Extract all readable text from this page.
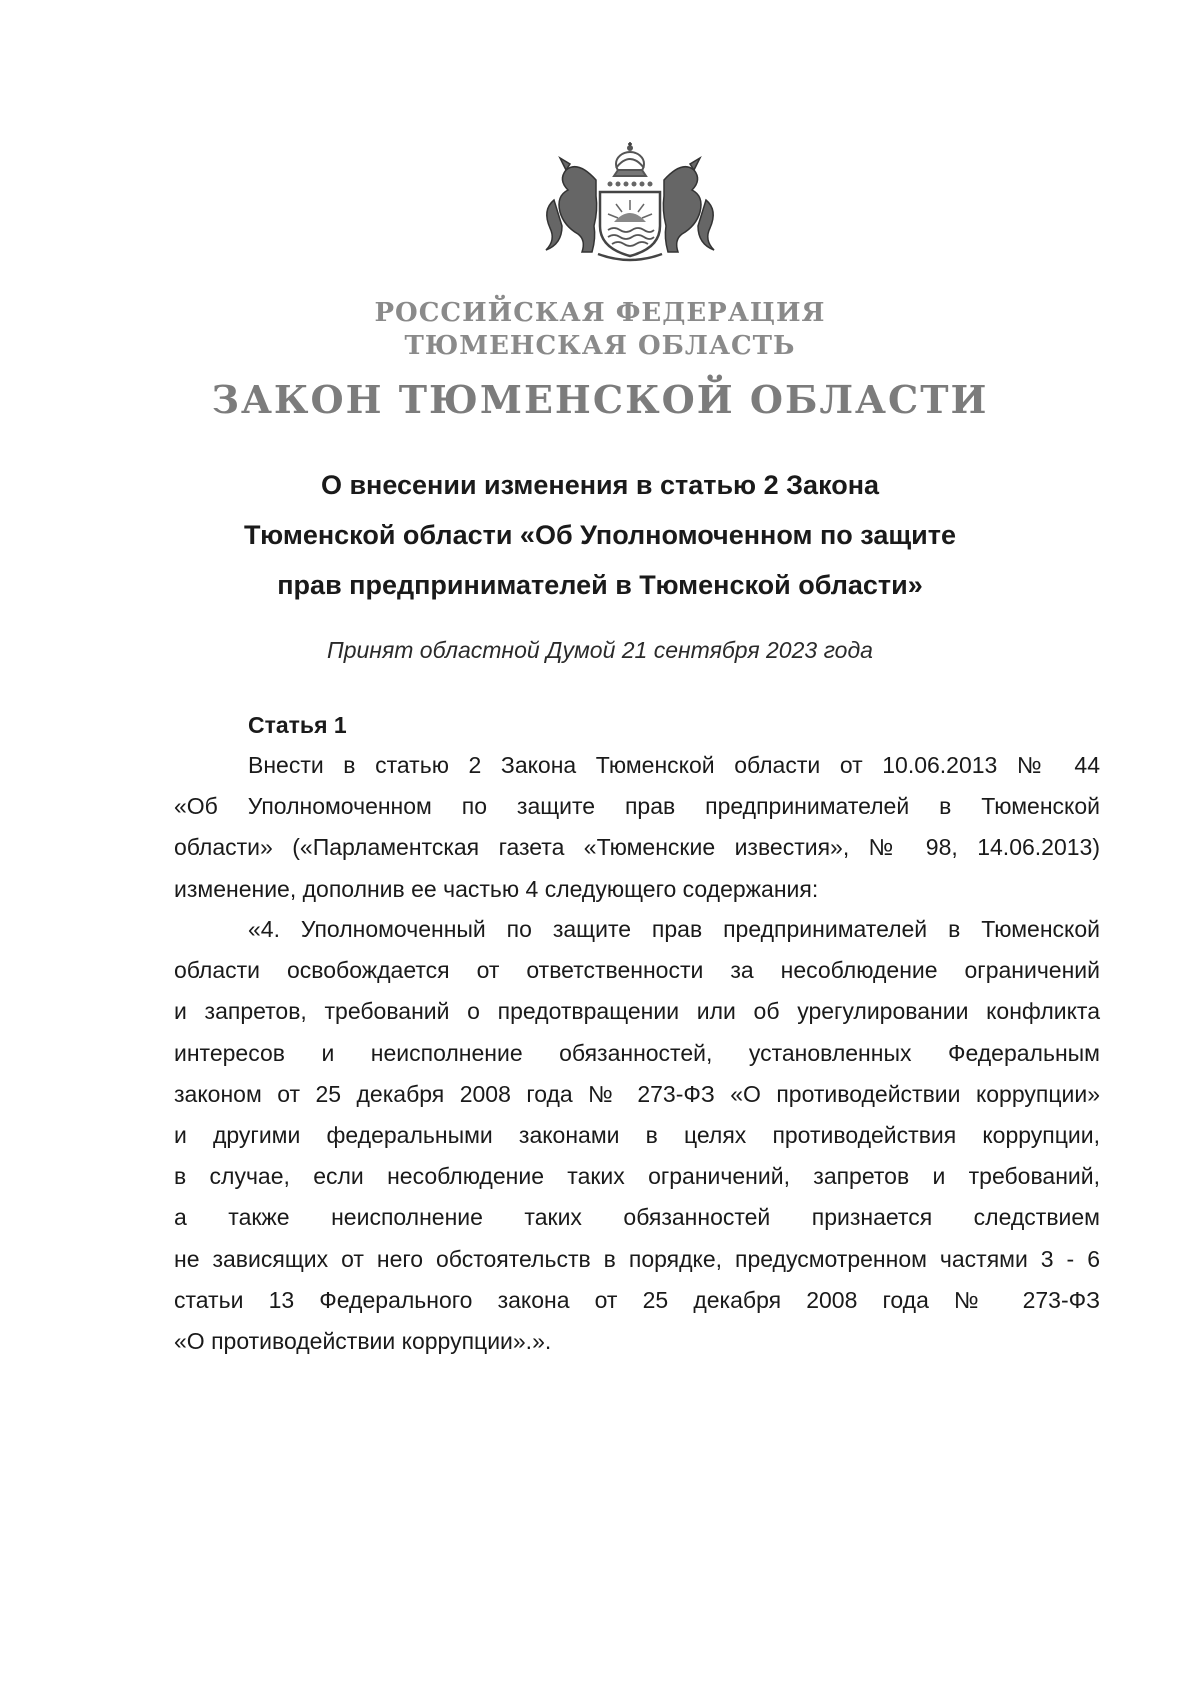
РОССИЙСКАЯ ФЕДЕРАЦИЯ
ТЮМЕНСКАЯ ОБЛАСТЬ
ЗАКОН ТЮМЕНСКОЙ ОБЛАСТИ
О внесении изменения в статью 2 Закона
Тюменской области «Об Уполномоченном по защите
прав предпринимателей в Тюменской области»
Принят областной Думой 21 сентября 2023 года
Статья 1

Внести в статью 2 Закона Тюменской области от 10.06.2013 № 44
«Об Уполномоченном по защите прав предпринимателей в Тюменской
области» («Парламентская газета «Тюменские известия», № 98, 14.06.2013)
изменение, дополнив ее частью 4 следующего содержания:

«4. Уполномоченный по защите прав предпринимателей в Тюменской
области освобождается от ответственности за несоблюдение ограничений
и запретов, требований о предотвращении или об урегулировании конфликта
интересов и неисполнение обязанностей, установленных Федеральным
законом от 25 декабря 2008 года № 273-ФЗ «О противодействии коррупции»
и другими федеральными законами в целях противодействия коррупции,
в случае, если несоблюдение таких ограничений, запретов и требований,
а также неисполнение таких обязанностей признается следствием
не зависящих от него обстоятельств в порядке, предусмотренном частями 3 - 6
статьи 13 Федерального закона от 25 декабря 2008 года № 273-ФЗ
«О противодействии коррупции».».
